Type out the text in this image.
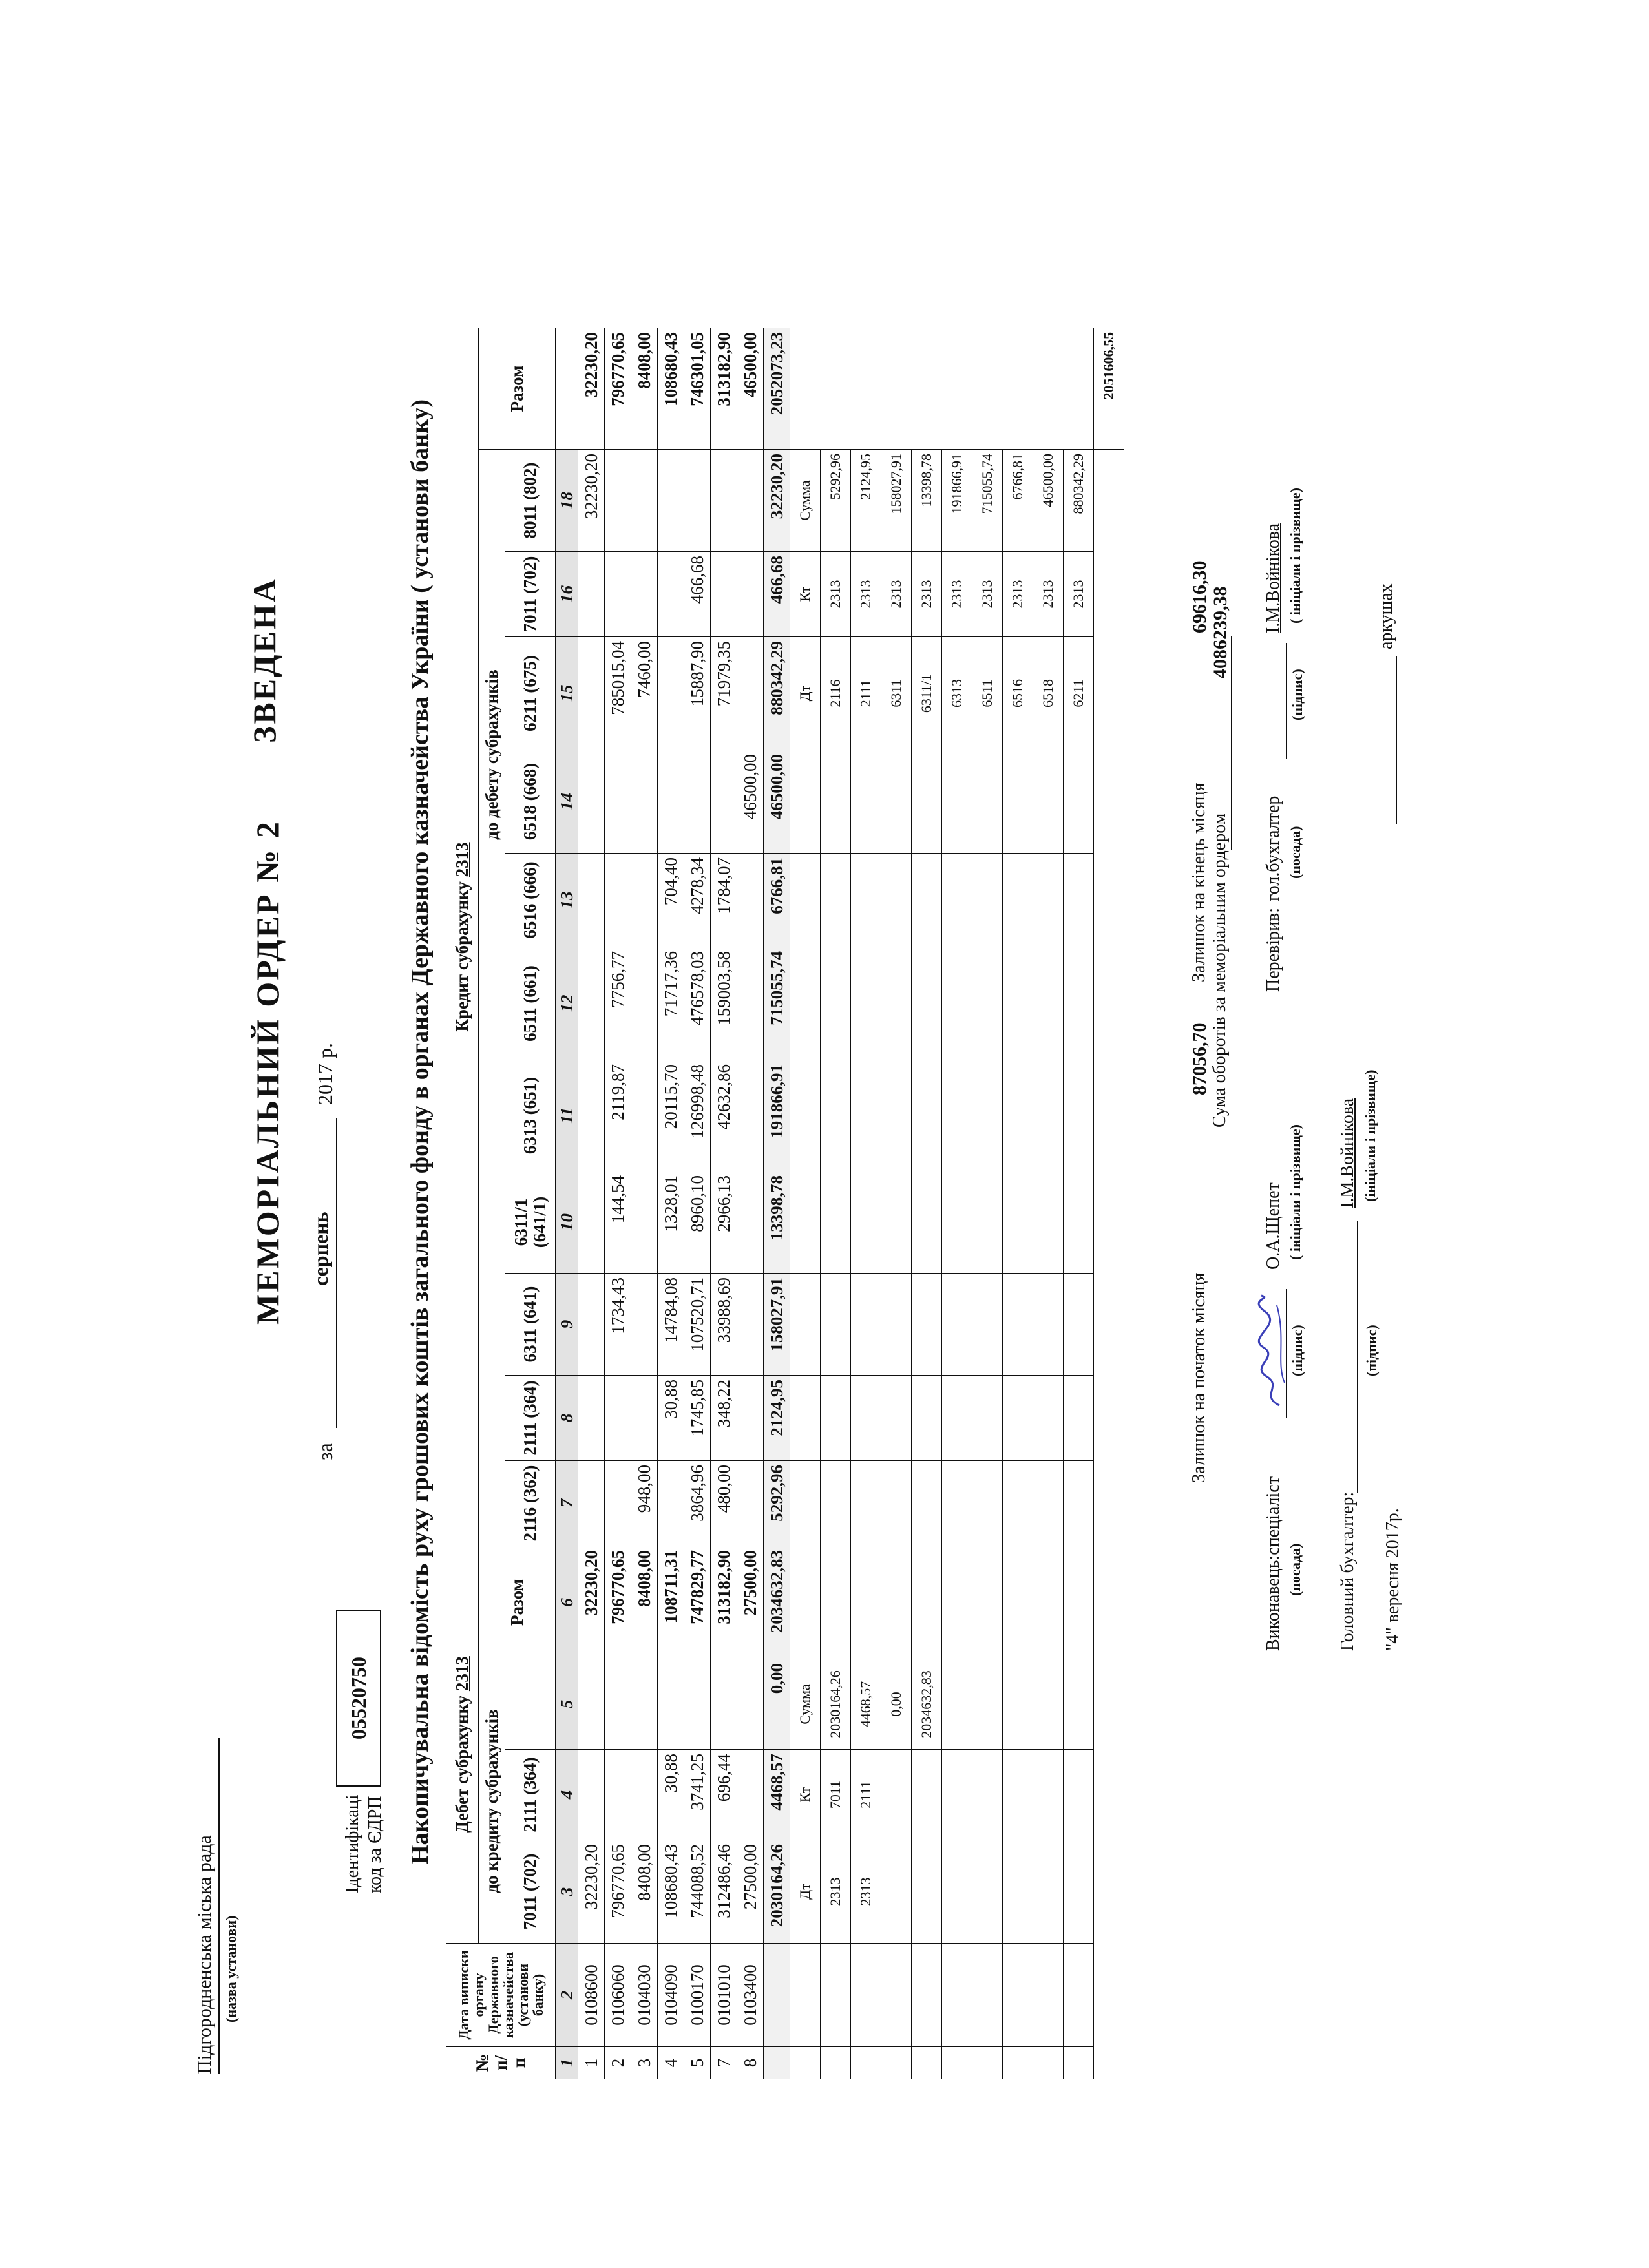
Підгородненська міська рада (назва установи)
Ідентифікаці код за ЄДРП
05520750
МЕМОРІАЛЬНИЙ ОРДЕР № 2
ЗВЕДЕНА
за
серпень
2017 р.	Накопичувальна відомість руху грошових коштів загального фонду в органах Державного казначейства України ( установи банку)
№ п/п	Дата виписки органу Державного казначейства (установи банку)	Дебет субрахунку 2313				Кредит субрахунку 2313											
		до кредиту субрахунків			Разом						до дебету субрахунків						Разом
		7011 (702)	2111 (364)			2116 (362)	2111 (364)	6311 (641)	6311/1 (641/1)	6313 (651)	6511 (661)	6516 (666)	6518 (668)	6211 (675)	7011 (702)	8011 (802)	
1	2	3	4	5	6	7	8	9	10	11	12	13	14	15	16	18	
1	0108600	32230,20			32230,20											32230,20	32230,20
2	0106060	796770,65			796770,65			1734,43	144,54	2119,87	7756,77			785015,04			796770,65
3	0104030	8408,00			8408,00	948,00								7460,00			8408,00
4	0104090	108680,43	30,88		108711,31		30,88	14784,08	1328,01	20115,70	71717,36	704,40					108680,43
5	0100170	744088,52	3741,25		747829,77	3864,96	1745,85	107520,71	8960,10	126998,48	476578,03	4278,34		15887,90	466,68		746301,05
7	0101010	312486,46	696,44		313182,90	480,00	348,22	33988,69	2966,13	42632,86	159003,58	1784,07		71979,35			313182,90
8	0103400	27500,00			27500,00								46500,00				46500,00
		2030164,26	4468,57	0,00	2034632,83	5292,96	2124,95	158027,91	13398,78	191866,91	715055,74	6766,81	46500,00	880342,29	466,68	32230,20	2052073,23
		Дт	Кт	Сумма										Дт	Кт	Сумма	
		2313	7011	2030164,26										2116	2313	5292,96	
		2313	2111	4468,57										2111	2313	2124,95	
				0,00										6311	2313	158027,91	
				2034632,83										6311/1	2313	13398,78	
														6313	2313	191866,91	
														6511	2313	715055,74	
														6516	2313	6766,81	
														6518	2313	46500,00	
														6211	2313	880342,29	
																	2051606,55
Залишок на початок місяця
87056,70
Залишок на кінець місяця
69616,30
Сума оборотів за меморіальним ордером
4086239,38
Виконавець:спеціаліст (посада)
(підпис)
О.А.Щепет ( ініціали і прізвище)
Перевірив:
гол.бухгалтер (посада)
(підпис)
І.М.Войнікова ( ініціали і прізвище)
Головний бухгалтер:
(підпис)
І.М.Войнікова (ініціали і прізвище)
"4" вересня 2017р.
аркушах
